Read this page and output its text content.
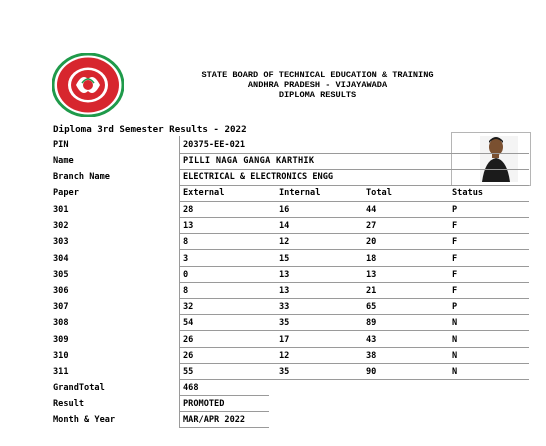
STATE BOARD OF TECHNICAL EDUCATION & TRAINING
ANDHRA PRADESH - VIJAYAWADA
DIPLOMA RESULTS
Diploma 3rd Semester Results - 2022
PIN	20375-EE-021
Name	PILLI NAGA GANGA KARTHIK
Branch Name	ELECTRICAL & ELECTRONICS ENGG
Paper	External	Internal	Total	Status
301	28	16	44	P
302	13	14	27	F
303	8	12	20	F
304	3	15	18	F
305	0	13	13	F
306	8	13	21	F
307	32	33	65	P
308	54	35	89	N
309	26	17	43	N
310	26	12	38	N
311	55	35	90	N
GrandTotal	468
Result	PROMOTED
Month & Year	MAR/APR 2022
